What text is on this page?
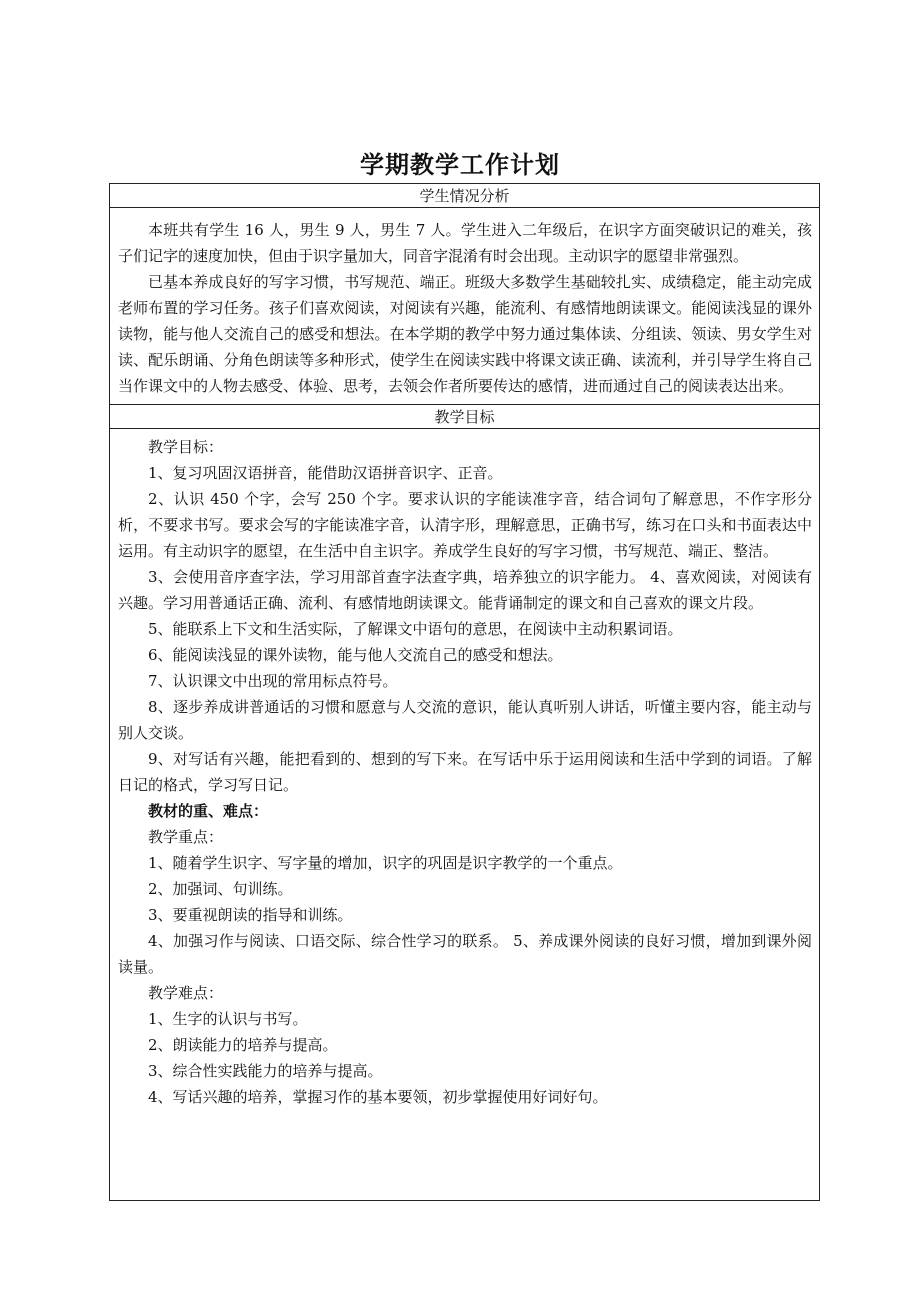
学期教学工作计划
学生情况分析

本班共有学生 16 人，男生 9 人，男生 7 人。学生进入二年级后，在识字方面突破识记的难关，孩子们记字的速度加快，但由于识字量加大，同音字混淆有时会出现。主动识字的愿望非常强烈。

已基本养成良好的写字习惯，书写规范、端正。班级大多数学生基础较扎实、成绩稳定，能主动完成老师布置的学习任务。孩子们喜欢阅读，对阅读有兴趣，能流利、有感情地朗读课文。能阅读浅显的课外读物，能与他人交流自己的感受和想法。在本学期的教学中努力通过集体读、分组读、领读、男女学生对读、配乐朗诵、分角色朗读等多种形式，使学生在阅读实践中将课文读正确、读流利，并引导学生将自己当作课文中的人物去感受、体验、思考，去领会作者所要传达的感情，进而通过自己的阅读表达出来。

教学目标

教学目标：

1、复习巩固汉语拼音，能借助汉语拼音识字、正音。

2、认识 450 个字，会写 250 个字。要求认识的字能读准字音，结合词句了解意思，不作字形分析，不要求书写。要求会写的字能读准字音，认清字形，理解意思，正确书写，练习在口头和书面表达中运用。有主动识字的愿望，在生活中自主识字。养成学生良好的写字习惯，书写规范、端正、整洁。

3、会使用音序查字法，学习用部首查字法查字典，培养独立的识字能力。 4、喜欢阅读，对阅读有兴趣。学习用普通话正确、流利、有感情地朗读课文。能背诵制定的课文和自己喜欢的课文片段。

5、能联系上下文和生活实际，了解课文中语句的意思，在阅读中主动积累词语。

6、能阅读浅显的课外读物，能与他人交流自己的感受和想法。

7、认识课文中出现的常用标点符号。

8、逐步养成讲普通话的习惯和愿意与人交流的意识，能认真听别人讲话，听懂主要内容，能主动与别人交谈。

9、对写话有兴趣，能把看到的、想到的写下来。在写话中乐于运用阅读和生活中学到的词语。了解日记的格式，学习写日记。

教材的重、难点：

教学重点：

1、随着学生识字、写字量的增加，识字的巩固是识字教学的一个重点。

2、加强词、句训练。

3、要重视朗读的指导和训练。

4、加强习作与阅读、口语交际、综合性学习的联系。 5、养成课外阅读的良好习惯，增加到课外阅读量。

教学难点：

1、生字的认识与书写。

2、朗读能力的培养与提高。

3、综合性实践能力的培养与提高。

4、写话兴趣的培养，掌握习作的基本要领，初步掌握使用好词好句。
